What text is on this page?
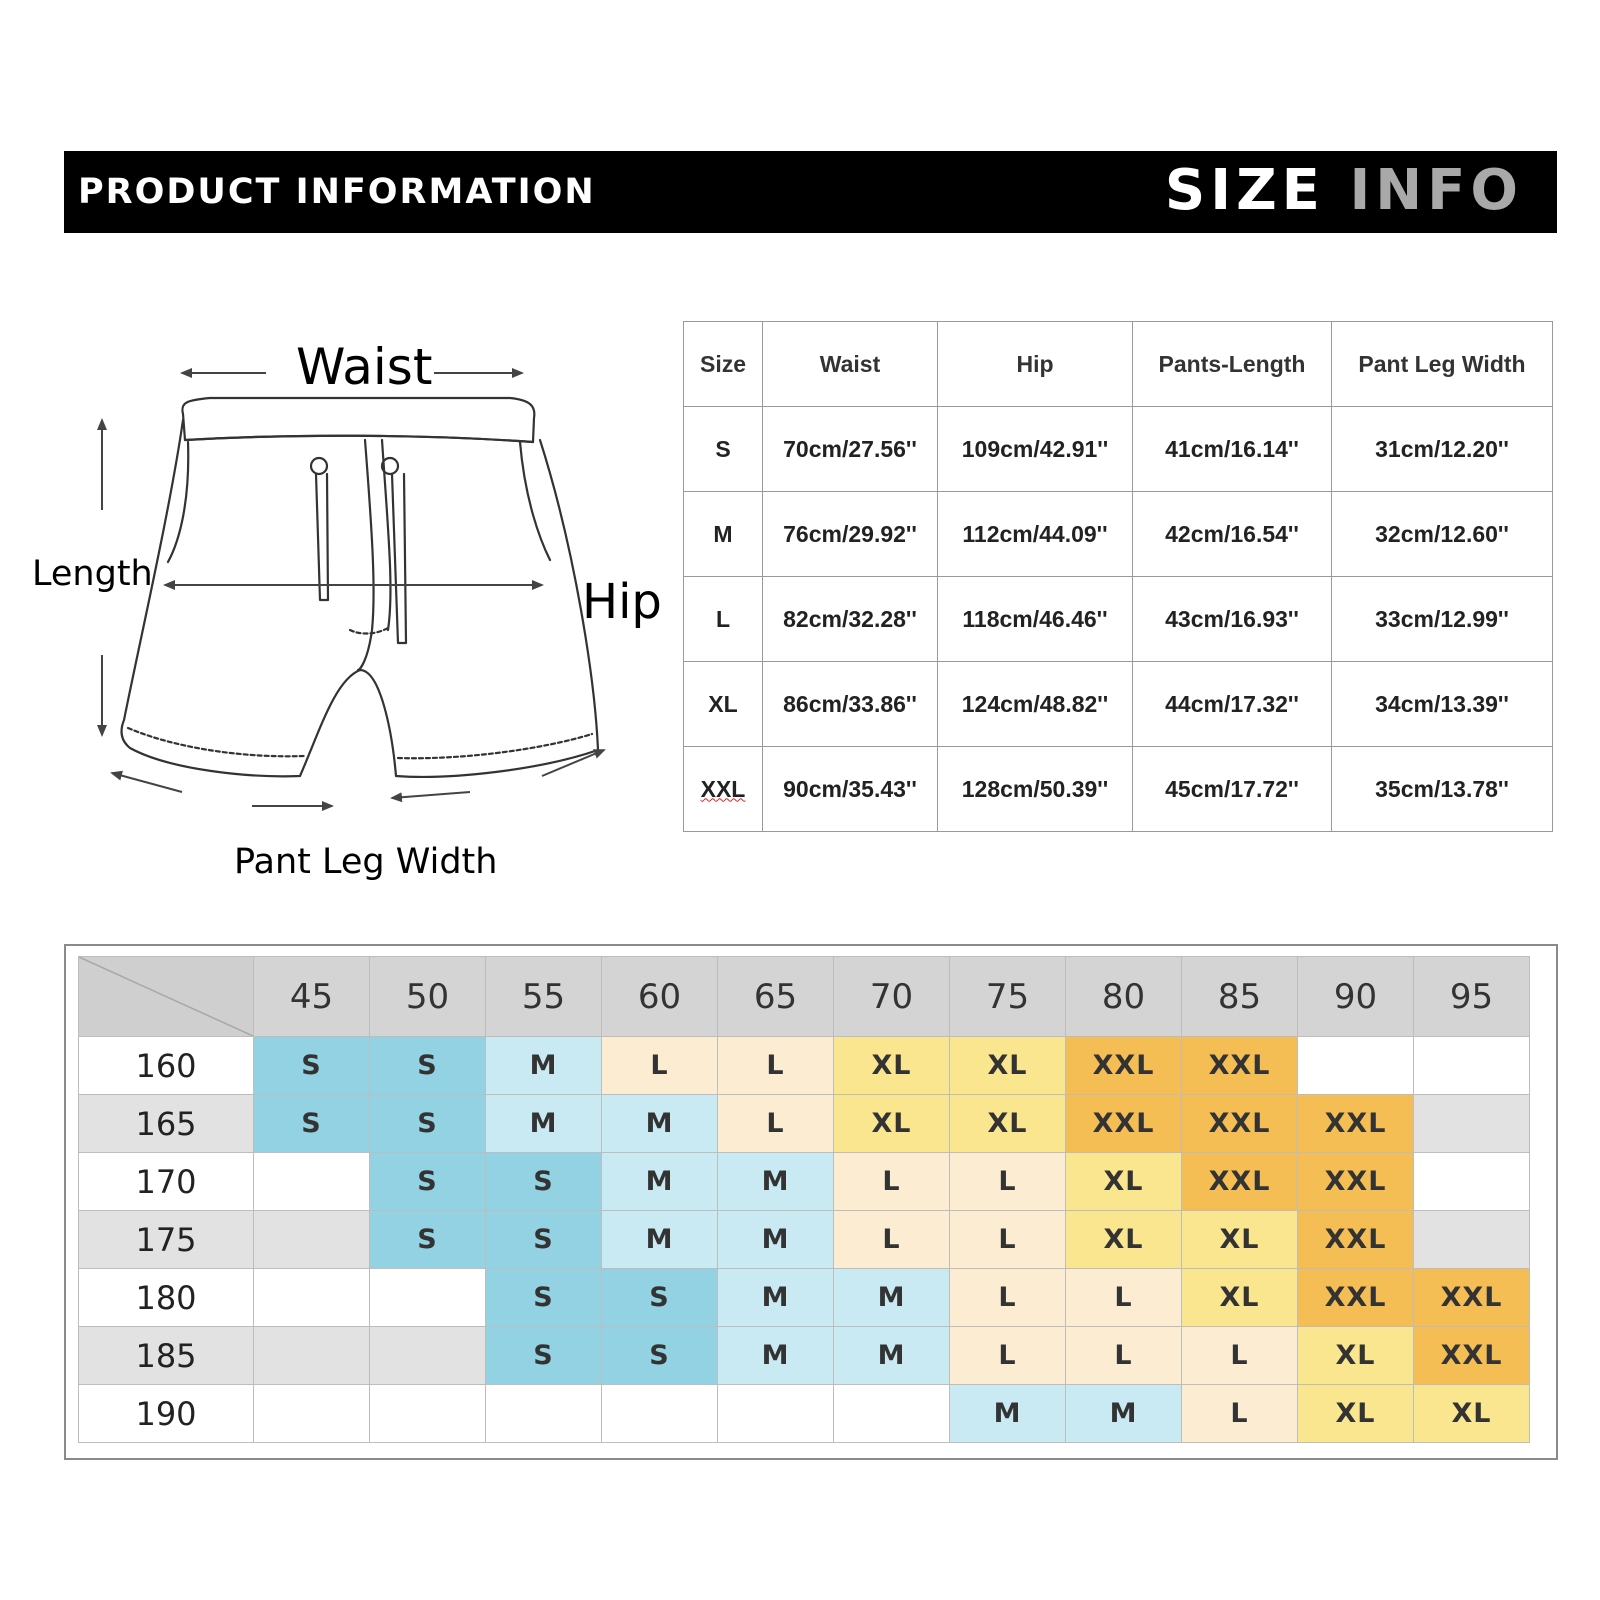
PRODUCT INFORMATION	SIZE INFO
Waist
Length	Hip
Pant Leg Width
Size	Waist	Hip	Pants-Length	Pant Leg Width
S	70cm/27.56''	109cm/42.91''	41cm/16.14''	31cm/12.20''
M	76cm/29.92''	112cm/44.09''	42cm/16.54''	32cm/12.60''
L	82cm/32.28''	118cm/46.46''	43cm/16.93''	33cm/12.99''
XL	86cm/33.86''	124cm/48.82''	44cm/17.32''	34cm/13.39''
XXL	90cm/35.43''	128cm/50.39''	45cm/17.72''	35cm/13.78''
	45	50	55	60	65	70	75	80	85	90	95
160	S	S	M	L	L	XL	XL	XXL	XXL		
165	S	S	M	M	L	XL	XL	XXL	XXL	XXL	
170		S	S	M	M	L	L	XL	XXL	XXL	
175		S	S	M	M	L	L	XL	XL	XXL	
180			S	S	M	M	L	L	XL	XXL	XXL
185			S	S	M	M	L	L	L	XL	XXL
190							M	M	L	XL	XL
